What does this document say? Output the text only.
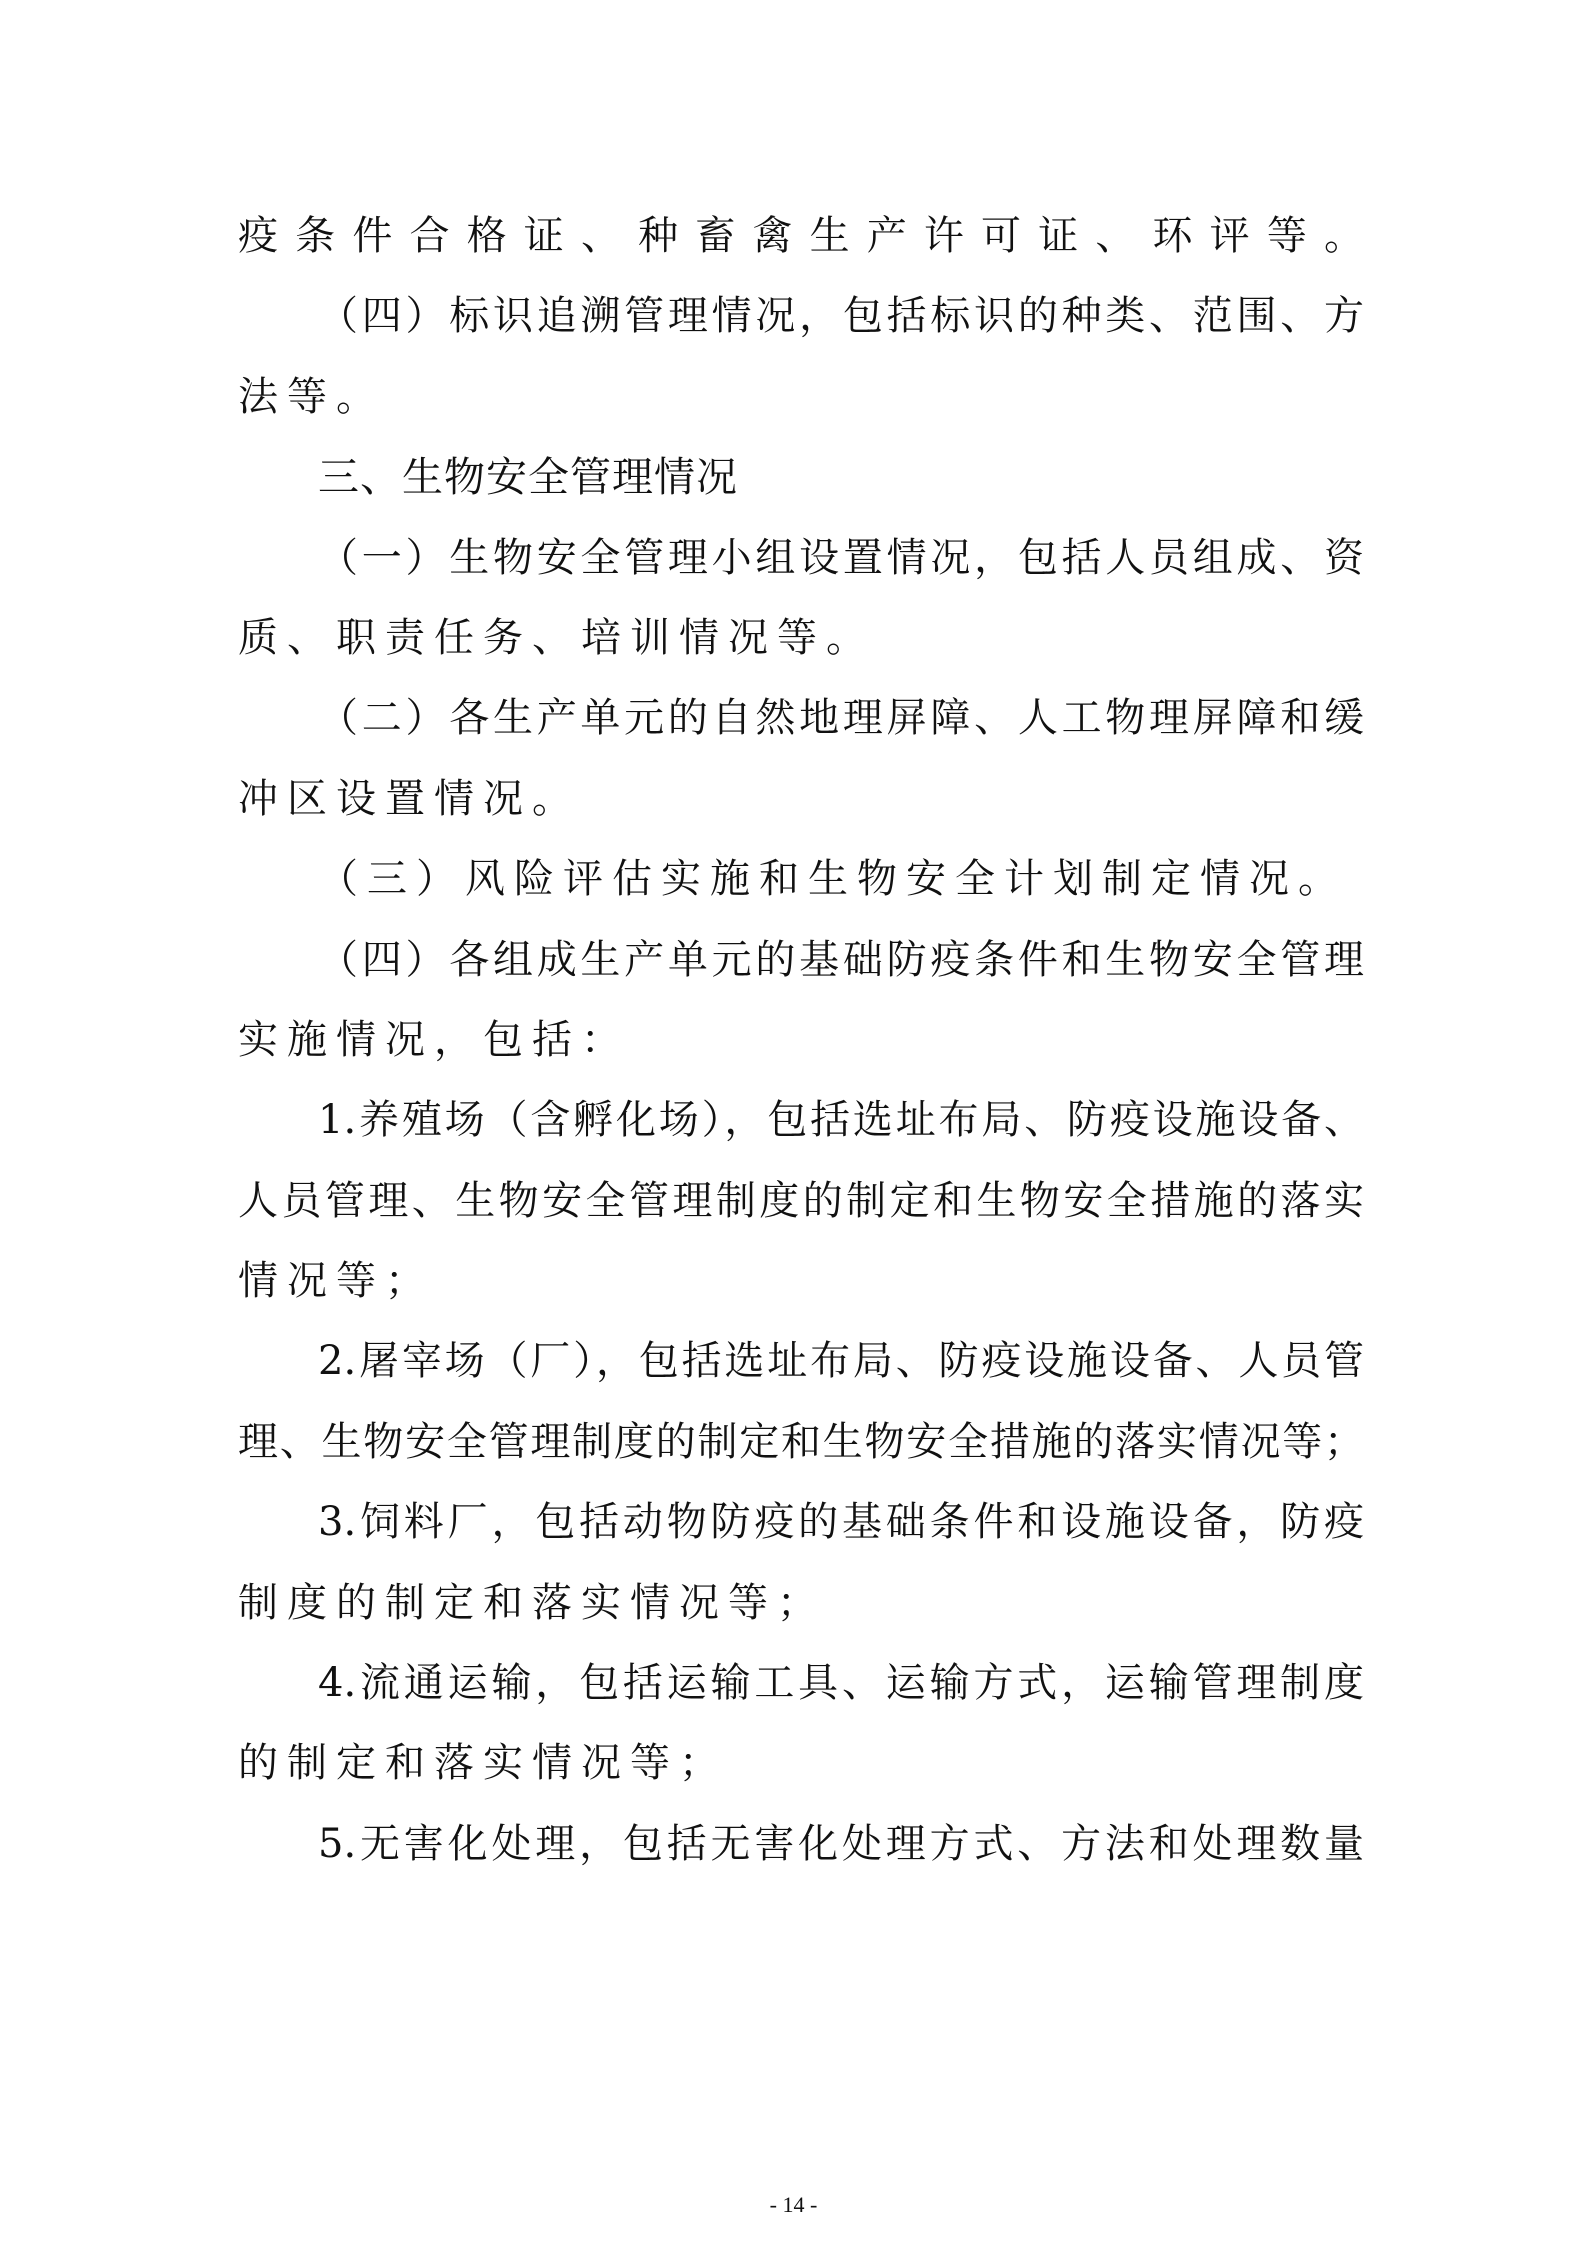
疫条件合格证、种畜禽生产许可证、环评等。
（四）标识追溯管理情况，包括标识的种类、范围、方
法等。
三、生物安全管理情况
（一）生物安全管理小组设置情况，包括人员组成、资
质、职责任务、培训情况等。
（二）各生产单元的自然地理屏障、人工物理屏障和缓
冲区设置情况。
（三）风险评估实施和生物安全计划制定情况。
（四）各组成生产单元的基础防疫条件和生物安全管理
实施情况，包括：
1.养殖场（含孵化场），包括选址布局、防疫设施设备、
人员管理、生物安全管理制度的制定和生物安全措施的落实
情况等；
2.屠宰场（厂），包括选址布局、防疫设施设备、人员管
理、生物安全管理制度的制定和生物安全措施的落实情况等；
3.饲料厂，包括动物防疫的基础条件和设施设备，防疫
制度的制定和落实情况等；
4.流通运输，包括运输工具、运输方式，运输管理制度
的制定和落实情况等；
5.无害化处理，包括无害化处理方式、方法和处理数量
- 14 -
